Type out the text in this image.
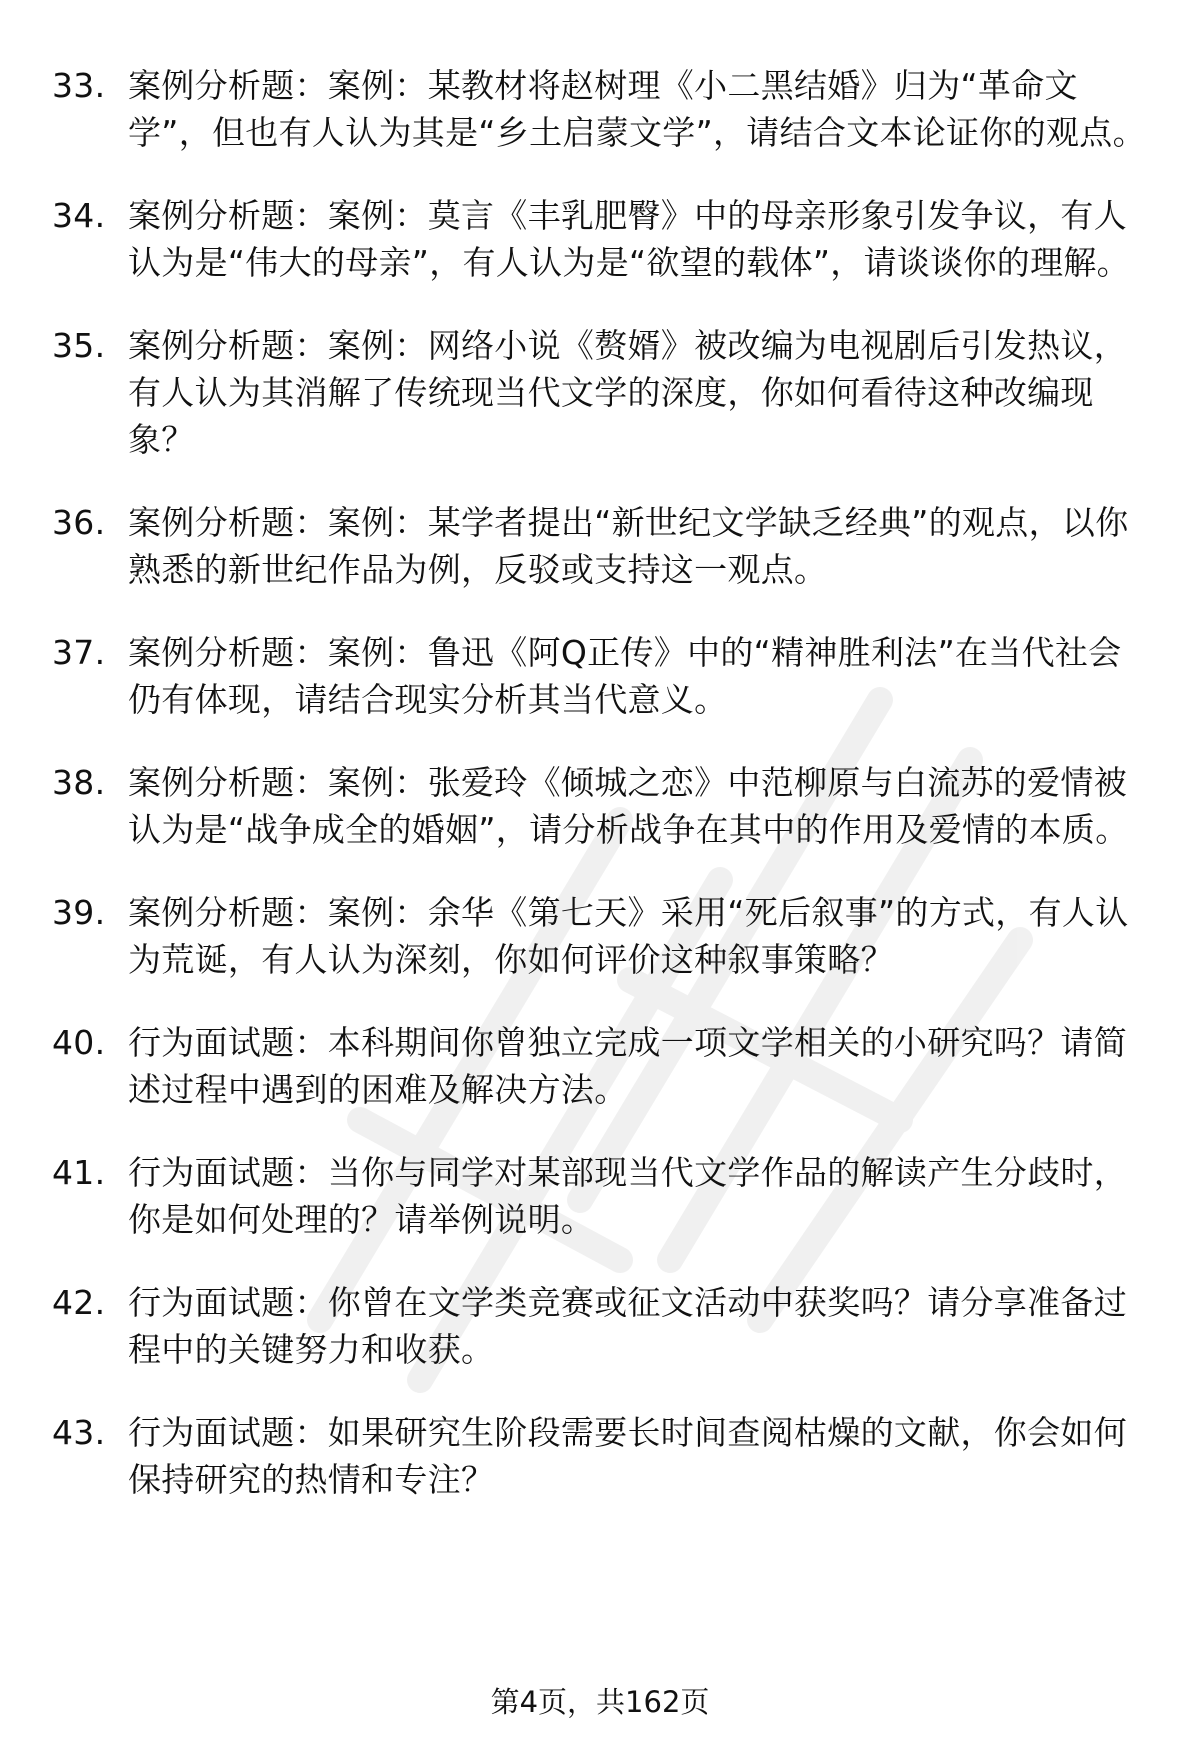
33. 案例分析题：案例：某教材将赵树理《小二黑结婚》归为“革命文学”，但也有人认为其是“乡土启蒙文学”，请结合文本论证你的观点。
34. 案例分析题：案例：莫言《丰乳肥臀》中的母亲形象引发争议，有人认为是“伟大的母亲”，有人认为是“欲望的载体”，请谈谈你的理解。
35. 案例分析题：案例：网络小说《赘婿》被改编为电视剧后引发热议，有人认为其消解了传统现当代文学的深度，你如何看待这种改编现象？
36. 案例分析题：案例：某学者提出“新世纪文学缺乏经典”的观点，以你熟悉的新世纪作品为例，反驳或支持这一观点。
37. 案例分析题：案例：鲁迅《阿Q正传》中的“精神胜利法”在当代社会仍有体现，请结合现实分析其当代意义。
38. 案例分析题：案例：张爱玲《倾城之恋》中范柳原与白流苏的爱情被认为是“战争成全的婚姻”，请分析战争在其中的作用及爱情的本质。
39. 案例分析题：案例：余华《第七天》采用“死后叙事”的方式，有人认为荒诞，有人认为深刻，你如何评价这种叙事策略？
40. 行为面试题：本科期间你曾独立完成一项文学相关的小研究吗？请简述过程中遇到的困难及解决方法。
41. 行为面试题：当你与同学对某部现当代文学作品的解读产生分歧时，你是如何处理的？请举例说明。
42. 行为面试题：你曾在文学类竞赛或征文活动中获奖吗？请分享准备过程中的关键努力和收获。
43. 行为面试题：如果研究生阶段需要长时间查阅枯燥的文献，你会如何保持研究的热情和专注？
第4页，共162页
